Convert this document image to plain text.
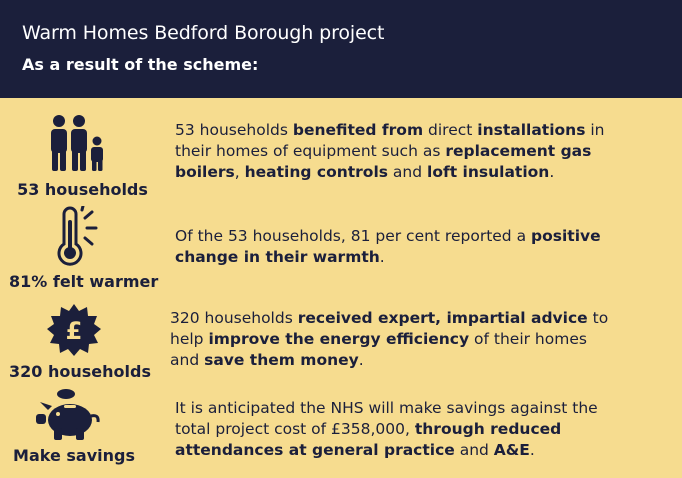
Warm Homes Bedford Borough project
As a result of the scheme:
53 households
53 households benefited from direct installations in their homes of equipment such as replacement gas boilers, heating controls and loft insulation.
81% felt warmer
Of the 53 households, 81 per cent reported a positive change in their warmth.
£
320 households
320 households received expert, impartial advice to help improve the energy efficiency of their homes and save them money.
Make savings
It is anticipated the NHS will make savings against the total project cost of £358,000, through reduced attendances at general practice and A&E.
